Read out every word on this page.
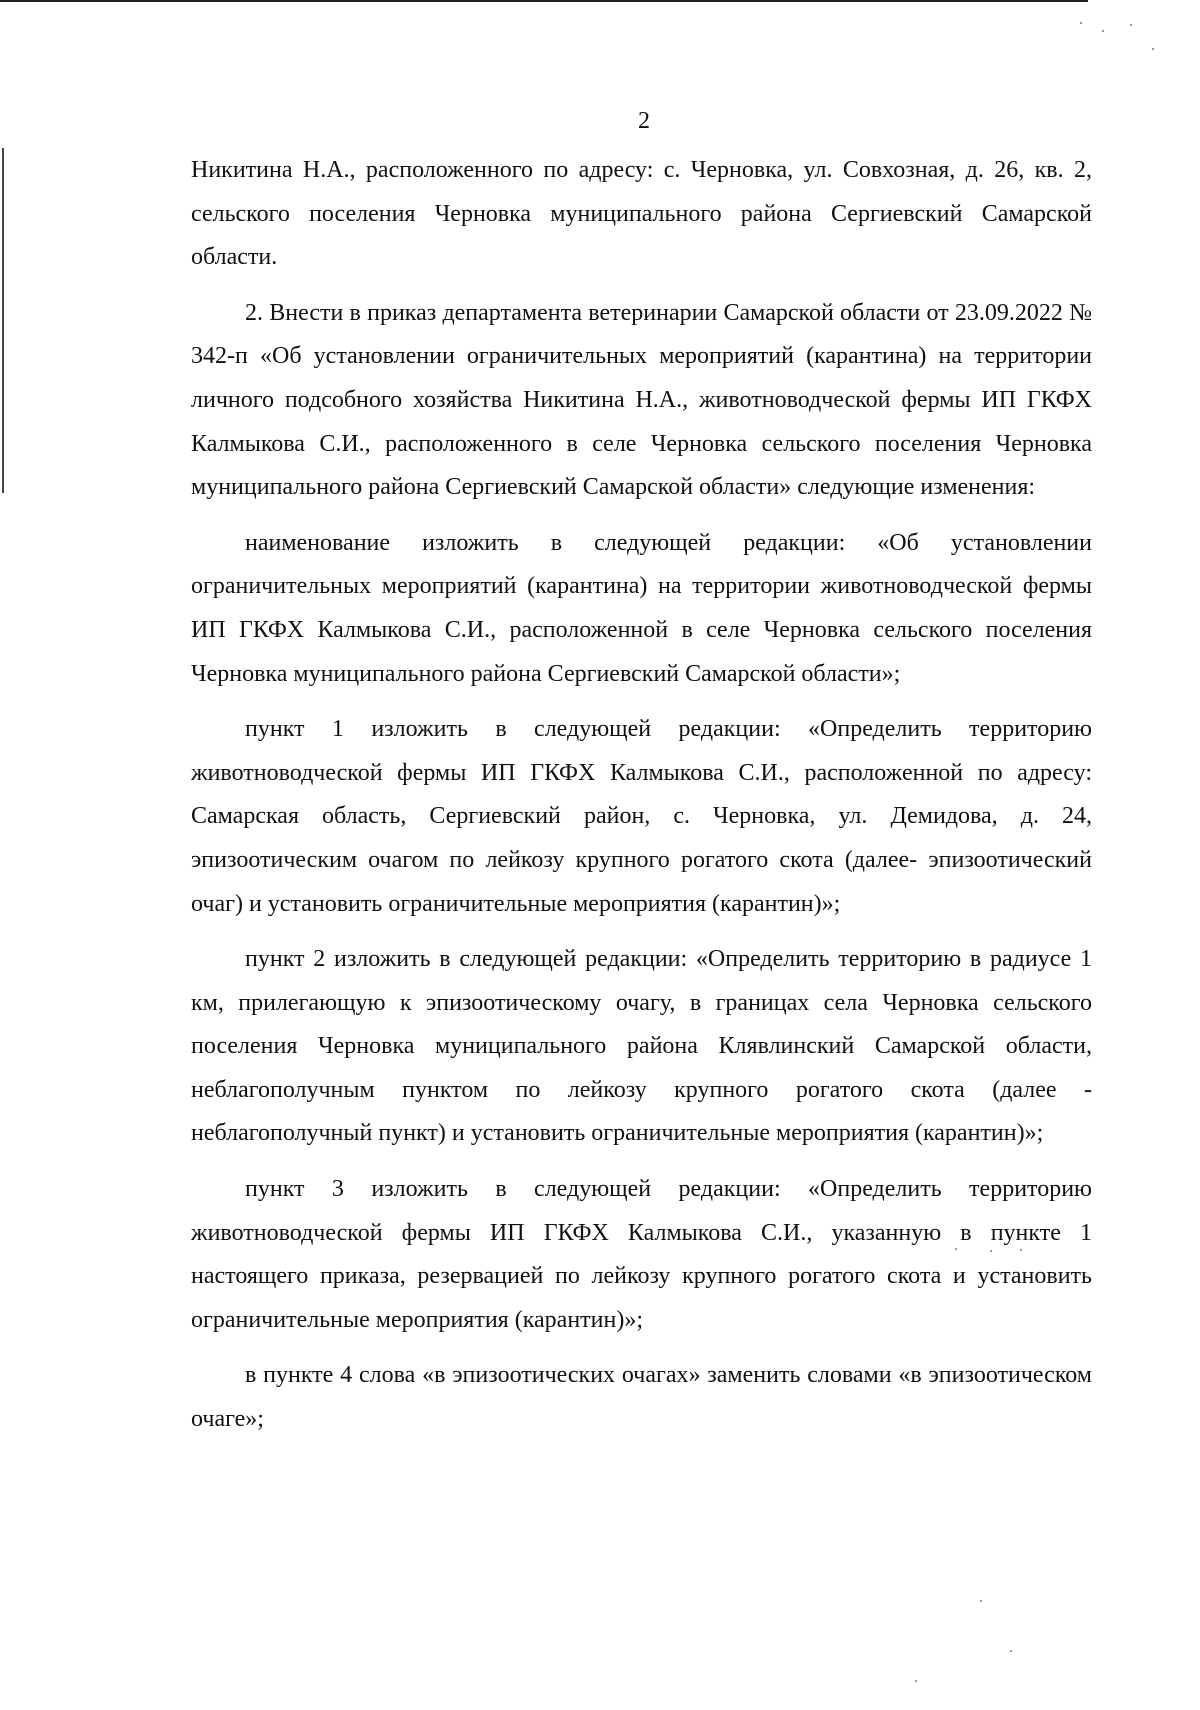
2

Никитина Н.А., расположенного по адресу: с. Черновка, ул. Совхозная, д. 26, кв. 2, сельского поселения Черновка муниципального района Сергиевский Самарской области.

2. Внести в приказ департамента ветеринарии Самарской области от 23.09.2022 № 342-п «Об установлении ограничительных мероприятий (карантина) на территории личного подсобного хозяйства Никитина Н.А., животноводческой фермы ИП ГКФХ Калмыкова С.И., расположенного в селе Черновка сельского поселения Черновка муниципального района Сергиевский Самарской области» следующие изменения:

наименование изложить в следующей редакции: «Об установлении ограничительных мероприятий (карантина) на территории животноводческой фермы ИП ГКФХ Калмыкова С.И., расположенной в селе Черновка сельского поселения Черновка муниципального района Сергиевский Самарской области»;

пункт 1 изложить в следующей редакции: «Определить территорию животноводческой фермы ИП ГКФХ Калмыкова С.И., расположенной по адресу: Самарская область, Сергиевский район, с. Черновка, ул. Демидова, д. 24, эпизоотическим очагом по лейкозу крупного рогатого скота (далее- эпизоотический очаг) и установить ограничительные мероприятия (карантин)»;

пункт 2 изложить в следующей редакции: «Определить территорию в радиусе 1 км, прилегающую к эпизоотическому очагу, в границах села Черновка сельского поселения Черновка муниципального района Клявлинский Самарской области, неблагополучным пунктом по лейкозу крупного рогатого скота (далее - неблагополучный пункт) и установить ограничительные мероприятия (карантин)»;

пункт 3 изложить в следующей редакции: «Определить территорию животноводческой фермы ИП ГКФХ Калмыкова С.И., указанную в пункте 1 настоящего приказа, резервацией по лейкозу крупного рогатого скота и установить ограничительные мероприятия (карантин)»;

в пункте 4 слова «в эпизоотических очагах» заменить словами «в эпизоотическом очаге»;
